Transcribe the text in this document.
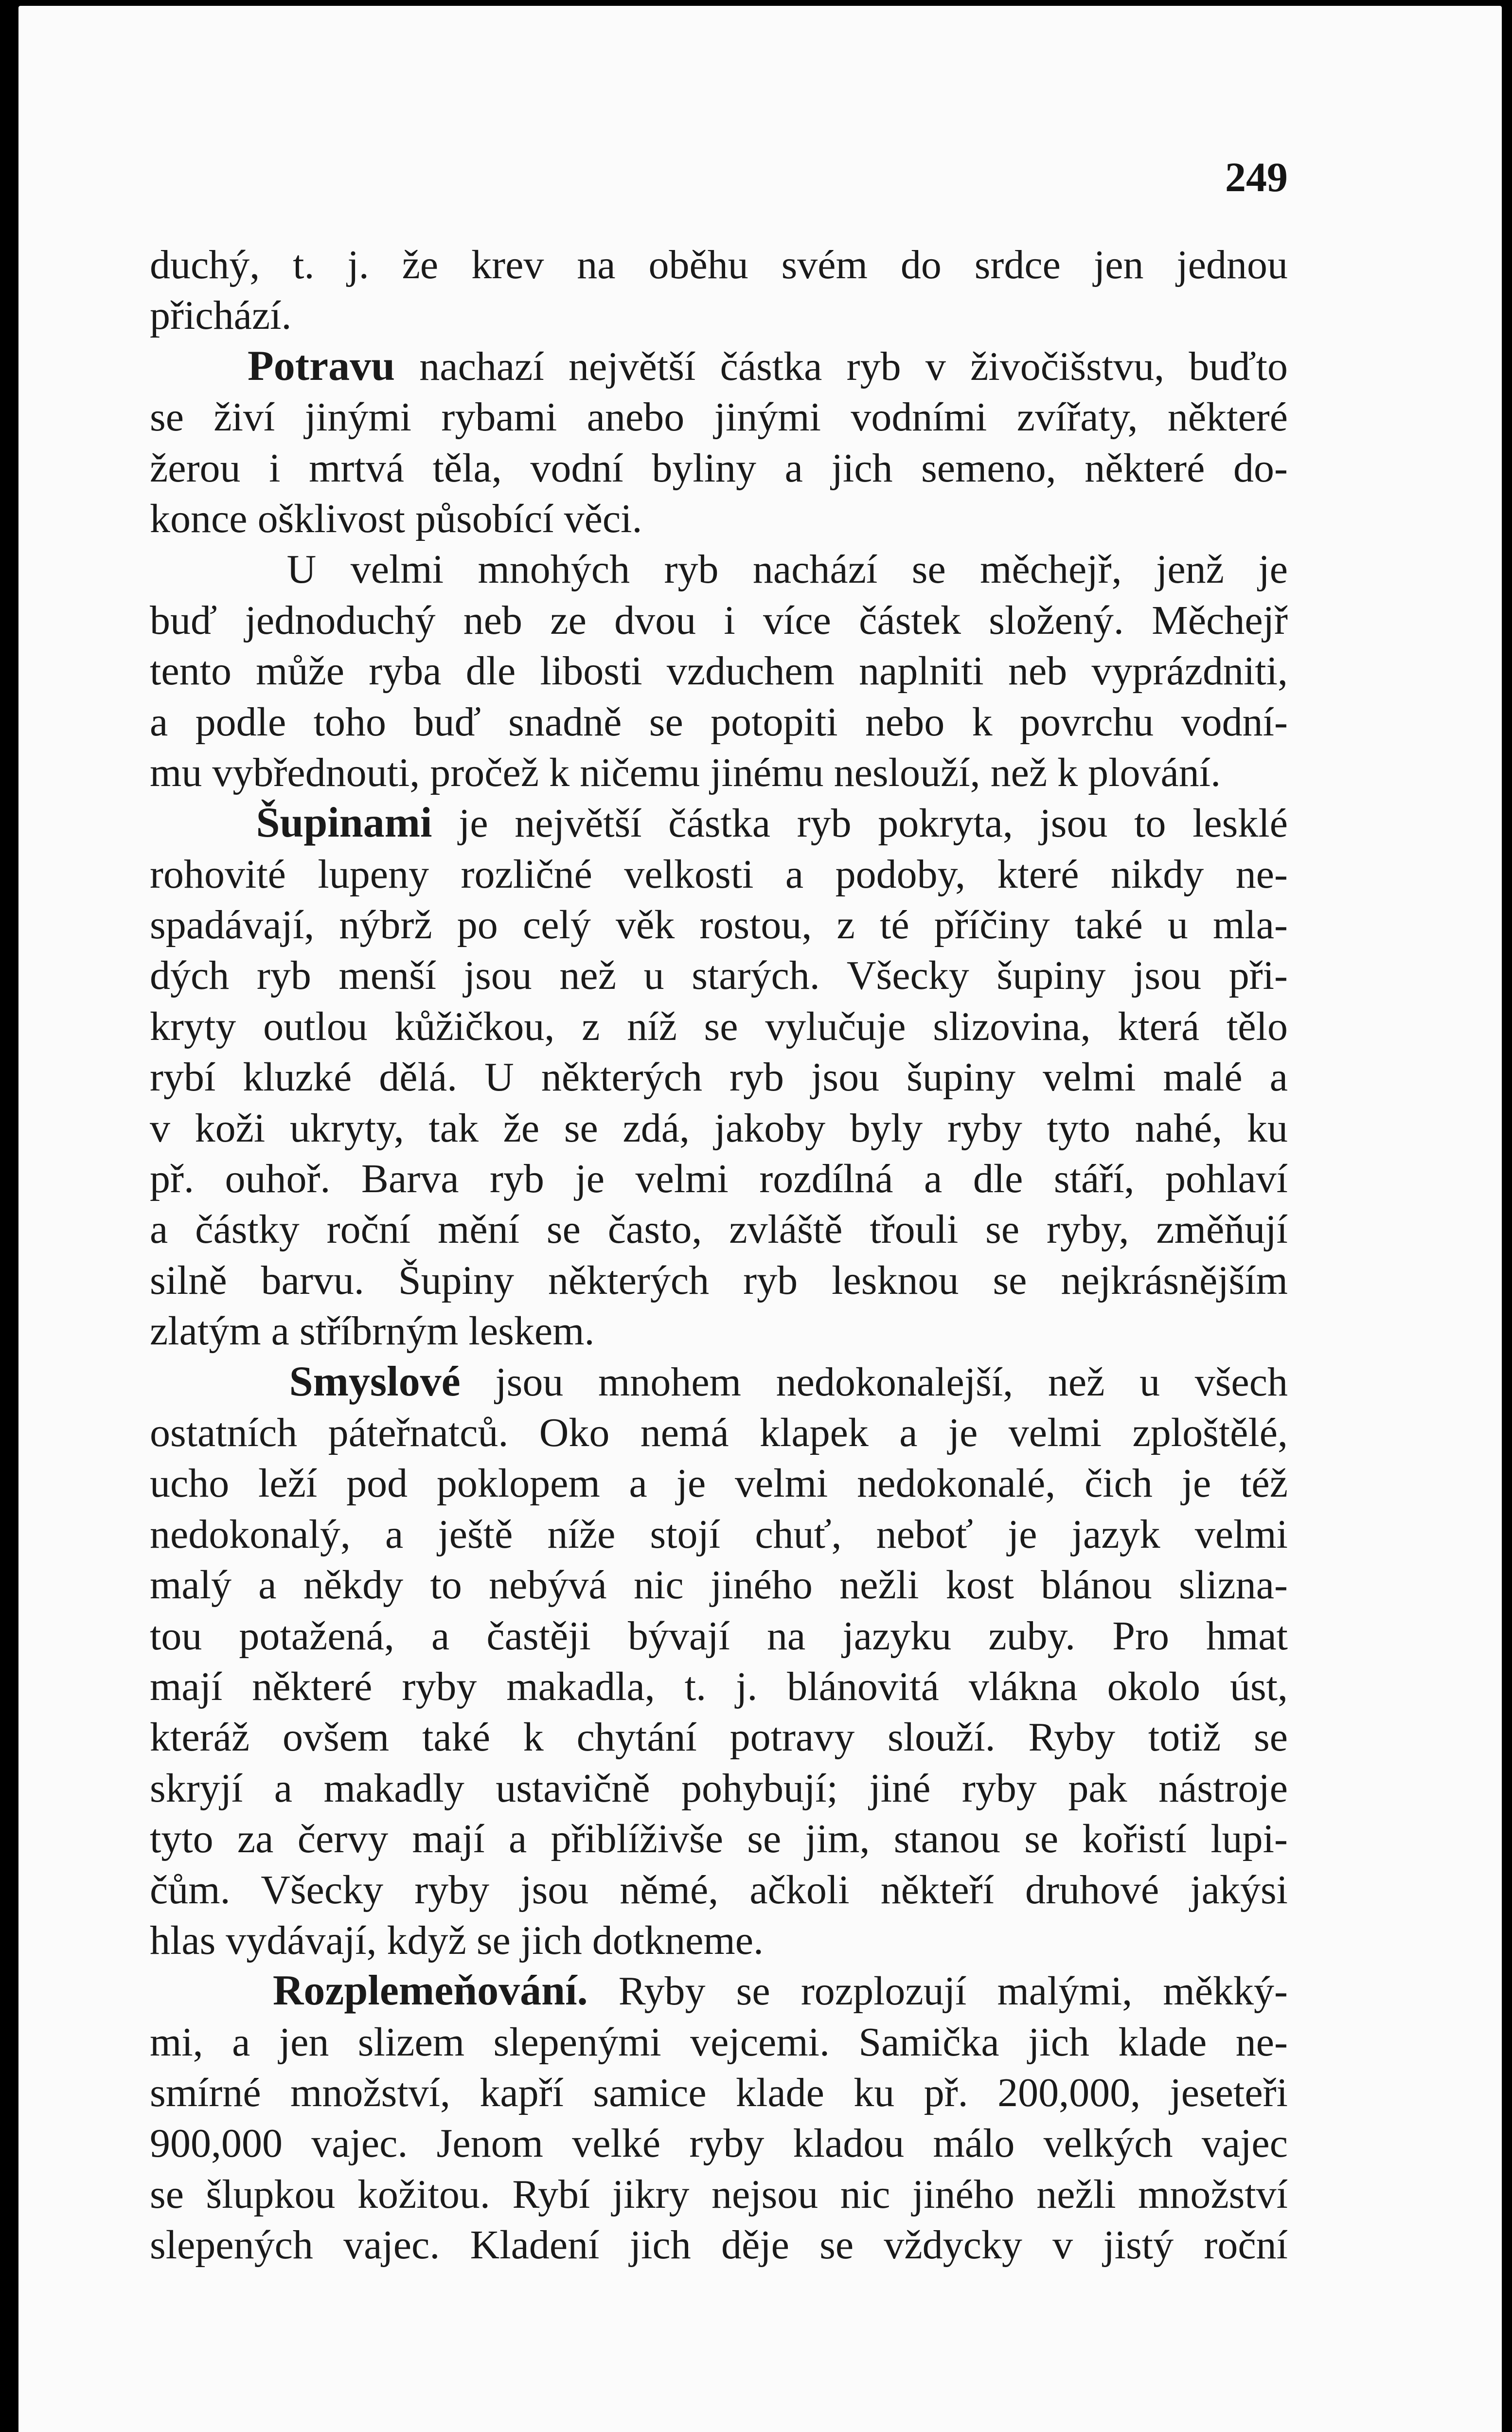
249

duchý, t. j. že krev na oběhu svém do srdce jen jednou
přichází.
Potravu nachazí největší částka ryb v živočišstvu, buďto
se živí jinými rybami anebo jinými vodními zvířaty, některé
žerou i mrtvá těla, vodní byliny a jich semeno, některé do-
konce ošklivost působící věci.
U velmi mnohých ryb nachází se měchejř, jenž je
buď jednoduchý neb ze dvou i více částek složený. Měchejř
tento může ryba dle libosti vzduchem naplniti neb vyprázdniti,
a podle toho buď snadně se potopiti nebo k povrchu vodní-
mu vybřednouti, pročež k ničemu jinému neslouží, než k plování.
Šupinami je největší částka ryb pokryta, jsou to lesklé
rohovité lupeny rozličné velkosti a podoby, které nikdy ne-
spadávají, nýbrž po celý věk rostou, z té příčiny také u mla-
dých ryb menší jsou než u starých. Všecky šupiny jsou při-
kryty outlou kůžičkou, z níž se vylučuje slizovina, která tělo
rybí kluzké dělá. U některých ryb jsou šupiny velmi malé a
v koži ukryty, tak že se zdá, jakoby byly ryby tyto nahé, ku
př. ouhoř. Barva ryb je velmi rozdílná a dle stáří, pohlaví
a částky roční mění se často, zvláště třouli se ryby, změňují
silně barvu. Šupiny některých ryb lesknou se nejkrásnějším
zlatým a stříbrným leskem.
Smyslové jsou mnohem nedokonalejší, než u všech
ostatních páteřnatců. Oko nemá klapek a je velmi zploštělé,
ucho leží pod poklopem a je velmi nedokonalé, čich je též
nedokonalý, a ještě níže stojí chuť, neboť je jazyk velmi
malý a někdy to nebývá nic jiného nežli kost blánou slizna-
tou potažená, a častěji bývají na jazyku zuby. Pro hmat
mají některé ryby makadla, t. j. blánovitá vlákna okolo úst,
kteráž ovšem také k chytání potravy slouží. Ryby totiž se
skryjí a makadly ustavičně pohybují; jiné ryby pak nástroje
tyto za červy mají a přiblíživše se jim, stanou se kořistí lupi-
čům. Všecky ryby jsou němé, ačkoli někteří druhové jakýsi
hlas vydávají, když se jich dotkneme.
Rozplemeňování. Ryby se rozplozují malými, měkký-
mi, a jen slizem slepenými vejcemi. Samička jich klade ne-
smírné množství, kapří samice klade ku př. 200,000, jeseteři
900,000 vajec. Jenom velké ryby kladou málo velkých vajec
se šlupkou kožitou. Rybí jikry nejsou nic jiného nežli množství
slepených vajec. Kladení jich děje se vždycky v jistý roční
